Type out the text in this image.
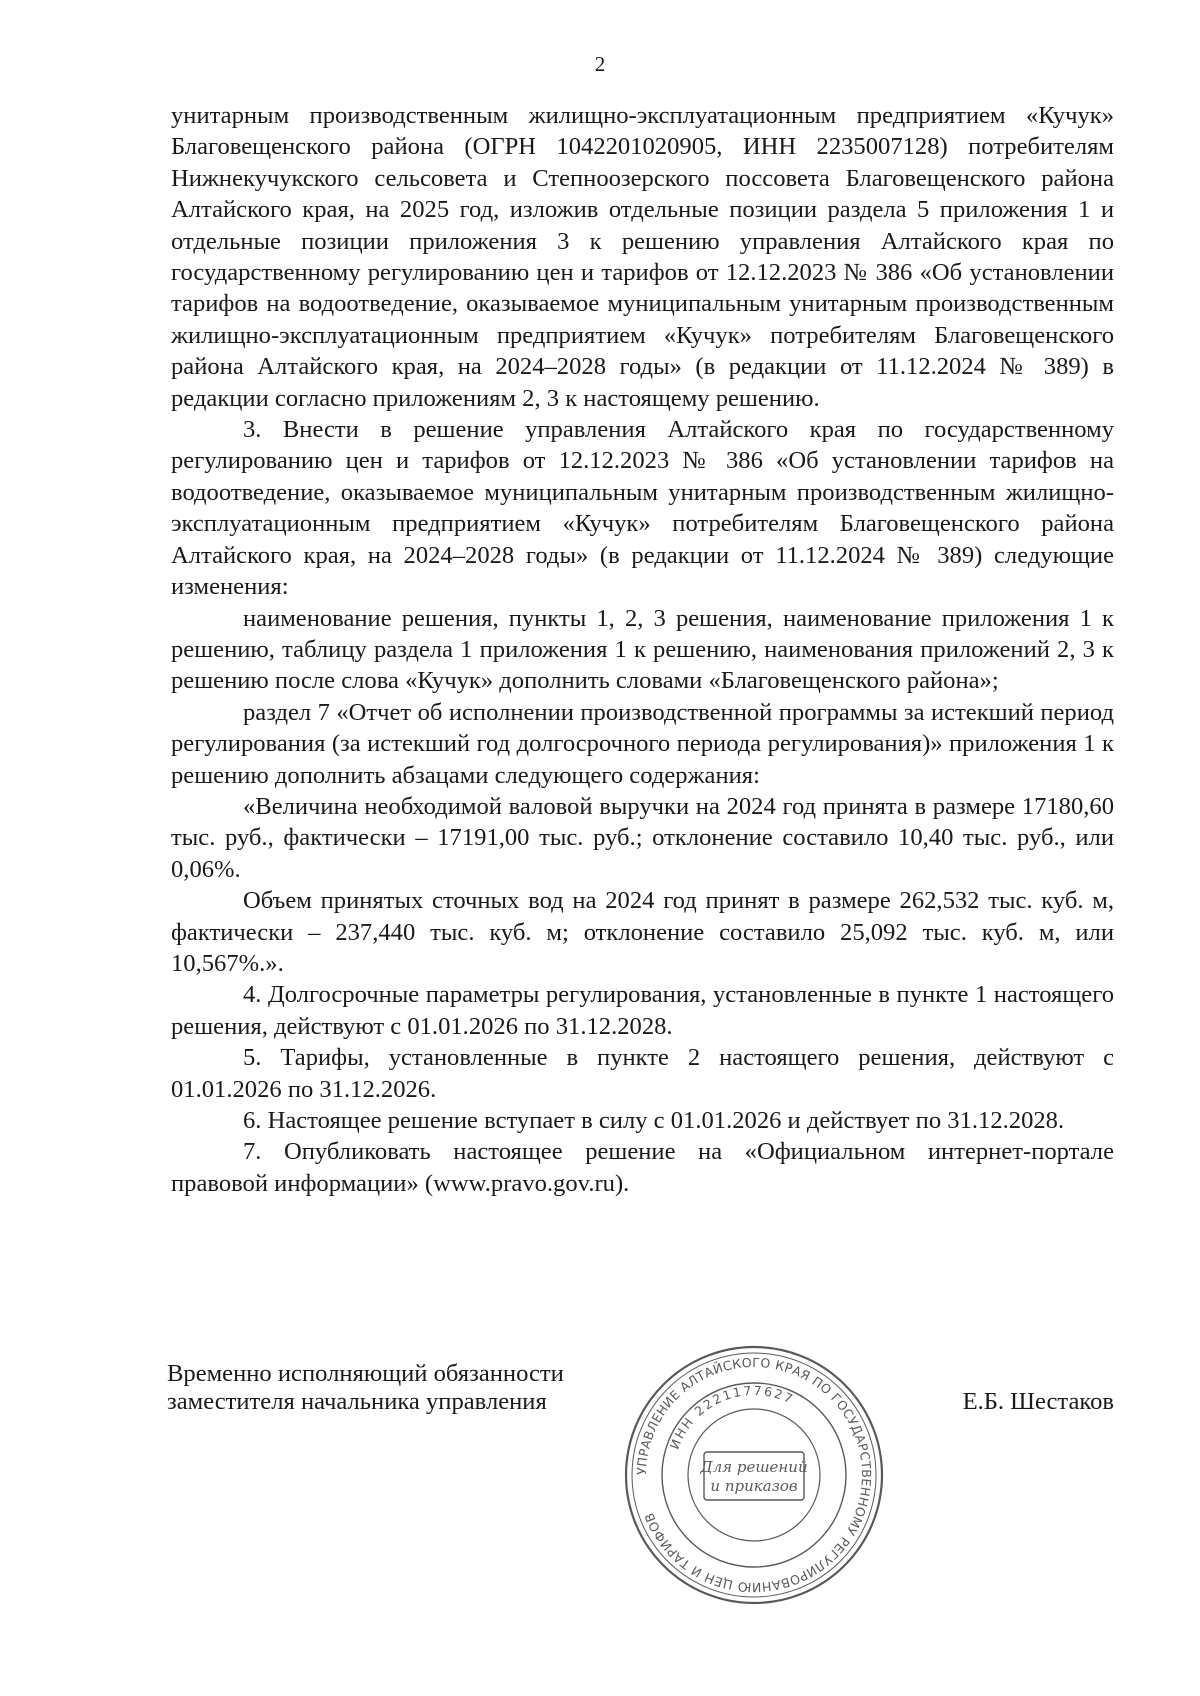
2

унитарным производственным жилищно-эксплуатационным предприятием «Кучук» Благовещенского района (ОГРН 1042201020905, ИНН 2235007128) потребителям Нижнекучукского сельсовета и Степноозерского поссовета Благовещенского района Алтайского края, на 2025 год, изложив отдельные позиции раздела 5 приложения 1 и отдельные позиции приложения 3 к решению управления Алтайского края по государственному регулированию цен и тарифов от 12.12.2023 № 386 «Об установлении тарифов на водоотведение, оказываемое муниципальным унитарным производственным жилищно-эксплуатационным предприятием «Кучук» потребителям Благовещенского района Алтайского края, на 2024–2028 годы» (в редакции от 11.12.2024 № 389) в редакции согласно приложениям 2, 3 к настоящему решению.

3. Внести в решение управления Алтайского края по государственному регулированию цен и тарифов от 12.12.2023 № 386 «Об установлении тарифов на водоотведение, оказываемое муниципальным унитарным производственным жилищно-эксплуатационным предприятием «Кучук» потребителям Благовещенского района Алтайского края, на 2024–2028 годы» (в редакции от 11.12.2024 № 389) следующие изменения:

наименование решения, пункты 1, 2, 3 решения, наименование приложения 1 к решению, таблицу раздела 1 приложения 1 к решению, наименования приложений 2, 3 к решению после слова «Кучук» дополнить словами «Благовещенского района»;

раздел 7 «Отчет об исполнении производственной программы за истекший период регулирования (за истекший год долгосрочного периода регулирования)» приложения 1 к решению дополнить абзацами следующего содержания:

«Величина необходимой валовой выручки на 2024 год принята в размере 17180,60 тыс. руб., фактически – 17191,00 тыс. руб.; отклонение составило 10,40 тыс. руб., или 0,06%.

Объем принятых сточных вод на 2024 год принят в размере 262,532 тыс. куб. м, фактически – 237,440 тыс. куб. м; отклонение составило 25,092 тыс. куб. м, или 10,567%.».

4. Долгосрочные параметры регулирования, установленные в пункте 1 настоящего решения, действуют с 01.01.2026 по 31.12.2028.

5. Тарифы, установленные в пункте 2 настоящего решения, действуют с 01.01.2026 по 31.12.2026.

6. Настоящее решение вступает в силу с 01.01.2026 и действует по 31.12.2028.

7. Опубликовать настоящее решение на «Официальном интернет-портале правовой информации» (www.pravo.gov.ru).

Временно исполняющий обязанности
заместителя начальника управления
УПРАВЛЕНИЕ АЛТАЙСКОГО КРАЯ ПО ГОСУДАРСТВЕННОМУ РЕГУЛИРОВАНИЮ ЦЕН И ТАРИФОВ
ИНН 2221177627
Для решений
и приказов
Е.Б. Шестаков
